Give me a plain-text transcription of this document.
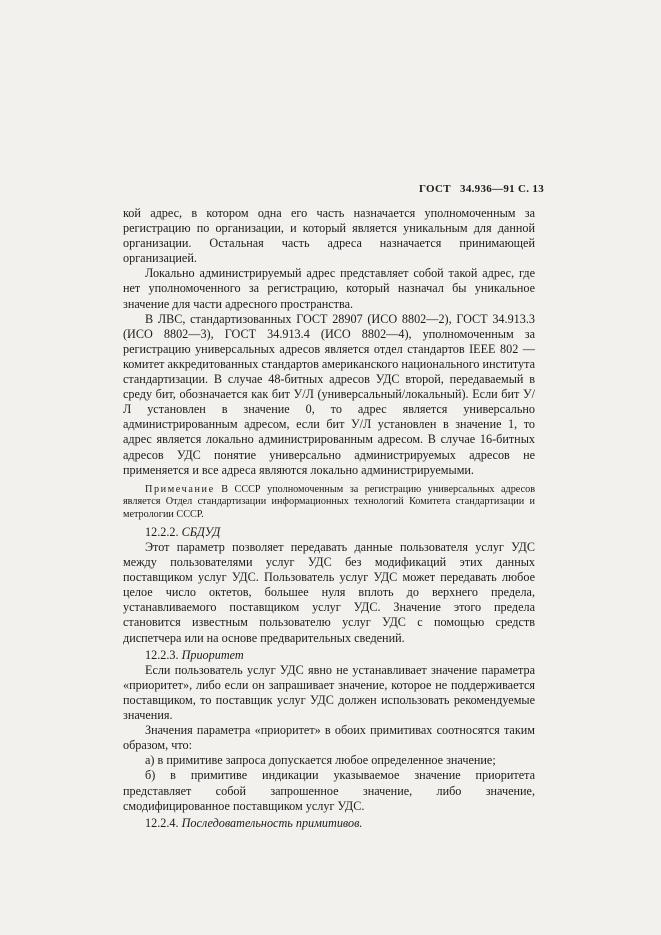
ГОСТ 34.936—91 С. 13

кой адрес, в котором одна его часть назначается уполномоченным за регистрацию по организации, и который является уникальным для данной организации. Остальная часть адреса назначается принимающей организацией.

Локально администрируемый адрес представляет собой такой адрес, где нет уполномоченного за регистрацию, который назначал бы уникальное значение для части адресного пространства.

В ЛВС, стандартизованных ГОСТ 28907 (ИСО 8802—2), ГОСТ 34.913.3 (ИСО 8802—3), ГОСТ 34.913.4 (ИСО 8802—4), уполномоченным за регистрацию универсальных адресов является отдел стандартов IEEE 802 — комитет аккредитованных стандартов американского национального института стандартизации. В случае 48-битных адресов УДС второй, передаваемый в среду бит, обозначается как бит У/Л (универсальный/локальный). Если бит У/Л установлен в значение 0, то адрес является универсально администрированным адресом, если бит У/Л установлен в значение 1, то адрес является локально администрированным адресом. В случае 16-битных адресов УДС понятие универсально администрируемых адресов не применяется и все адреса являются локально администрируемыми.

Примечание В СССР уполномоченным за регистрацию универсальных адресов является Отдел стандартизации информационных технологий Комитета стандартизации и метрологии СССР.

12.2.2. СБДУД

Этот параметр позволяет передавать данные пользователя услуг УДС между пользователями услуг УДС без модификаций этих данных поставщиком услуг УДС. Пользователь услуг УДС может передавать любое целое число октетов, большее нуля вплоть до верхнего предела, устанавливаемого поставщиком услуг УДС. Значение этого предела становится известным пользователю услуг УДС с помощью средств диспетчера или на основе предварительных сведений.

12.2.3. Приоритет

Если пользователь услуг УДС явно не устанавливает значение параметра «приоритет», либо если он запрашивает значение, которое не поддерживается поставщиком, то поставщик услуг УДС должен использовать рекомендуемые значения.

Значения параметра «приоритет» в обоих примитивах соотносятся таким образом, что:

а) в примитиве запроса допускается любое определенное значение;

б) в примитиве индикации указываемое значение приоритета представляет собой запрошенное значение, либо значение, смодифицированное поставщиком услуг УДС.

12.2.4. Последовательность примитивов.
